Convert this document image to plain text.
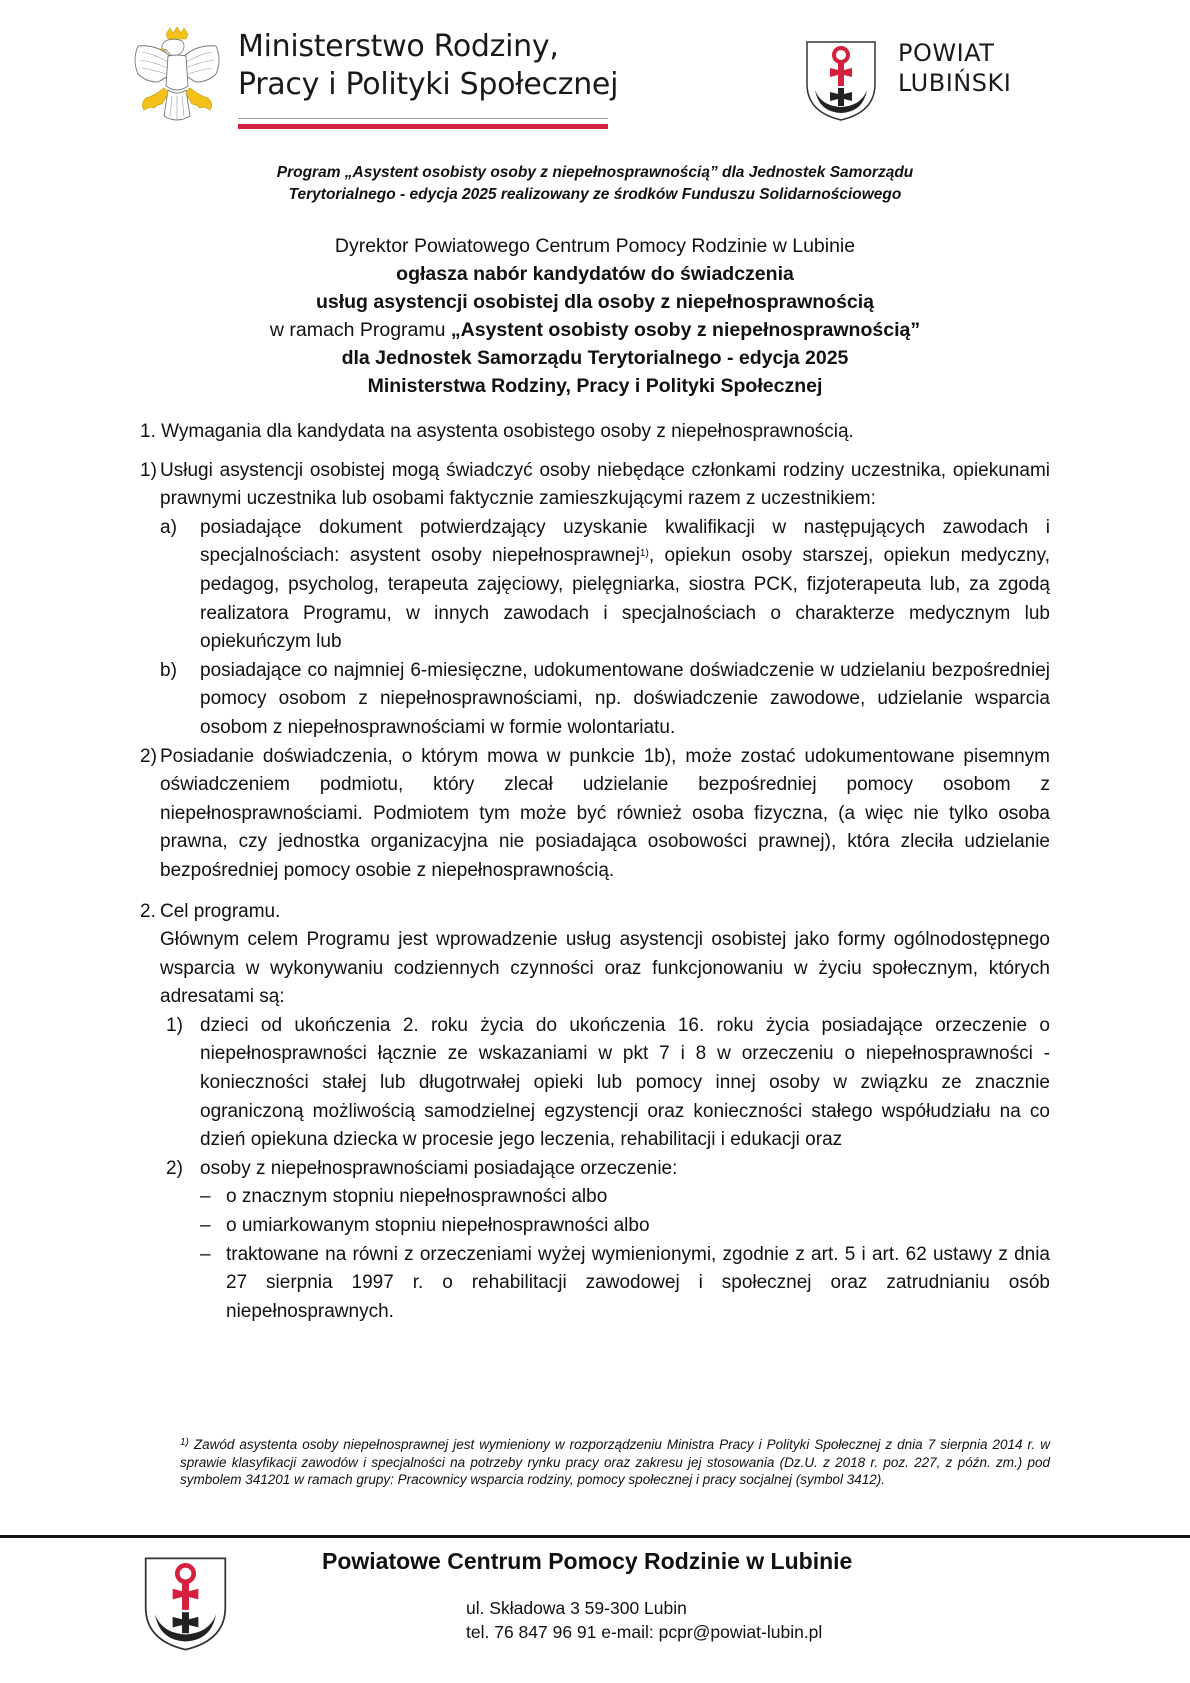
Ministerstwo Rodziny,
Pracy i Polityki Społecznej
POWIAT
LUBIŃSKI
Program „Asystent osobisty osoby z niepełnosprawnością” dla Jednostek Samorządu
Terytorialnego - edycja 2025 realizowany ze środków Funduszu Solidarnościowego
Dyrektor Powiatowego Centrum Pomocy Rodzinie w Lubinie
ogłasza nabór kandydatów do świadczenia
usług asystencji osobistej dla osoby z niepełnosprawnością
w ramach Programu „Asystent osobisty osoby z niepełnosprawnością”
dla Jednostek Samorządu Terytorialnego - edycja 2025
Ministerstwa Rodziny, Pracy i Polityki Społecznej

1. Wymagania dla kandydata na asystenta osobistego osoby z niepełnosprawnością.

1) Usługi asystencji osobistej mogą świadczyć osoby niebędące członkami rodziny uczestnika, opiekunami prawnymi uczestnika lub osobami faktycznie zamieszkującymi razem z uczestnikiem:

a)	posiadające dokument potwierdzający uzyskanie kwalifikacji w następujących zawodach i specjalnościach: asystent osoby niepełnosprawnej$^{1)}$, opiekun osoby starszej, opiekun medyczny, pedagog, psycholog, terapeuta zajęciowy, pielęgniarka, siostra PCK, fizjoterapeuta lub, za zgodą realizatora Programu, w innych zawodach i specjalnościach o charakterze medycznym lub opiekuńczym lub

b)	posiadające co najmniej 6-miesięczne, udokumentowane doświadczenie w udzielaniu bezpośredniej pomocy osobom z niepełnosprawnościami, np. doświadczenie zawodowe, udzielanie wsparcia osobom z niepełnosprawnościami w formie wolontariatu.

2) Posiadanie doświadczenia, o którym mowa w punkcie 1b), może zostać udokumentowane pisemnym oświadczeniem podmiotu, który zlecał udzielanie bezpośredniej pomocy osobom z niepełnosprawnościami. Podmiotem tym może być również osoba fizyczna, (a więc nie tylko osoba prawna, czy jednostka organizacyjna nie posiadająca osobowości prawnej), która zleciła udzielanie bezpośredniej pomocy osobie z niepełnosprawnością.

2. Cel programu.

Głównym celem Programu jest wprowadzenie usług asystencji osobistej jako formy ogólnodostępnego wsparcia w wykonywaniu codziennych czynności oraz funkcjonowaniu w życiu społecznym, których adresatami są:

1) dzieci od ukończenia 2. roku życia do ukończenia 16. roku życia posiadające orzeczenie o niepełnosprawności łącznie ze wskazaniami w pkt 7 i 8 w orzeczeniu o niepełnosprawności - konieczności stałej lub długotrwałej opieki lub pomocy innej osoby w związku ze znacznie ograniczoną możliwością samodzielnej egzystencji oraz konieczności stałego współudziału na co dzień opiekuna dziecka w procesie jego leczenia, rehabilitacji i edukacji oraz

2) osoby z niepełnosprawnościami posiadające orzeczenie:

– o znacznym stopniu niepełnosprawności albo

– o umiarkowanym stopniu niepełnosprawności albo

– traktowane na równi z orzeczeniami wyżej wymienionymi, zgodnie z art. 5 i art. 62 ustawy z dnia 27 sierpnia 1997 r. o rehabilitacji zawodowej i społecznej oraz zatrudnianiu osób niepełnosprawnych.

$^{1)}$ Zawód asystenta osoby niepełnosprawnej jest wymieniony w rozporządzeniu Ministra Pracy i Polityki Społecznej z dnia 7 sierpnia 2014 r. w sprawie klasyfikacji zawodów i specjalności na potrzeby rynku pracy oraz zakresu jej stosowania (Dz.U. z 2018 r. poz. 227, z późn. zm.) pod symbolem 341201 w ramach grupy: Pracownicy wsparcia rodziny, pomocy społecznej i pracy socjalnej (symbol 3412).
Powiatowe Centrum Pomocy Rodzinie w Lubinie
ul. Składowa 3 59-300 Lubin
tel. 76 847 96 91 e-mail: pcpr@powiat-lubin.pl
